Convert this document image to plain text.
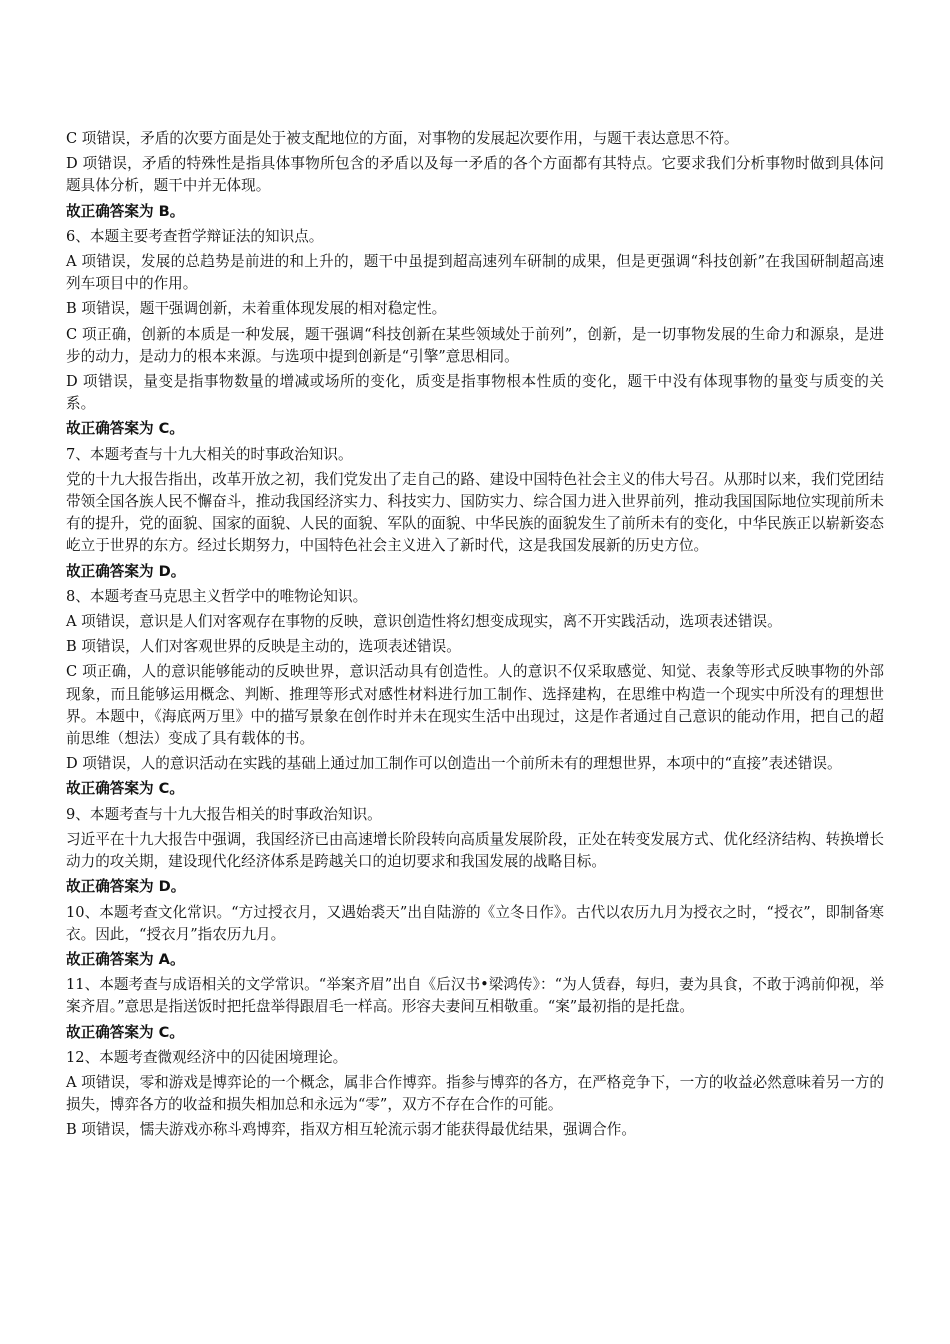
C 项错误，矛盾的次要方面是处于被支配地位的方面，对事物的发展起次要作用，与题干表达意思不符。

D 项错误，矛盾的特殊性是指具体事物所包含的矛盾以及每一矛盾的各个方面都有其特点。它要求我们分析事物时做到具体问题具体分析，题干中并无体现。

故正确答案为 B。

6、本题主要考查哲学辩证法的知识点。

A 项错误，发展的总趋势是前进的和上升的，题干中虽提到超高速列车研制的成果，但是更强调“科技创新”在我国研制超高速列车项目中的作用。

B 项错误，题干强调创新，未着重体现发展的相对稳定性。

C 项正确，创新的本质是一种发展，题干强调“科技创新在某些领域处于前列”，创新，是一切事物发展的生命力和源泉，是进步的动力，是动力的根本来源。与选项中提到创新是“引擎”意思相同。

D 项错误，量变是指事物数量的增减或场所的变化，质变是指事物根本性质的变化，题干中没有体现事物的量变与质变的关系。

故正确答案为 C。

7、本题考查与十九大相关的时事政治知识。

党的十九大报告指出，改革开放之初，我们党发出了走自己的路、建设中国特色社会主义的伟大号召。从那时以来，我们党团结带领全国各族人民不懈奋斗，推动我国经济实力、科技实力、国防实力、综合国力进入世界前列，推动我国国际地位实现前所未有的提升，党的面貌、国家的面貌、人民的面貌、军队的面貌、中华民族的面貌发生了前所未有的变化，中华民族正以崭新姿态屹立于世界的东方。经过长期努力，中国特色社会主义进入了新时代，这是我国发展新的历史方位。

故正确答案为 D。

8、本题考查马克思主义哲学中的唯物论知识。

A 项错误，意识是人们对客观存在事物的反映，意识创造性将幻想变成现实，离不开实践活动，选项表述错误。

B 项错误，人们对客观世界的反映是主动的，选项表述错误。

C 项正确，人的意识能够能动的反映世界，意识活动具有创造性。人的意识不仅采取感觉、知觉、表象等形式反映事物的外部现象，而且能够运用概念、判断、推理等形式对感性材料进行加工制作、选择建构，在思维中构造一个现实中所没有的理想世界。本题中，《海底两万里》中的描写景象在创作时并未在现实生活中出现过，这是作者通过自己意识的能动作用，把自己的超前思维（想法）变成了具有载体的书。

D 项错误，人的意识活动在实践的基础上通过加工制作可以创造出一个前所未有的理想世界，本项中的“直接”表述错误。

故正确答案为 C。

9、本题考查与十九大报告相关的时事政治知识。

习近平在十九大报告中强调，我国经济已由高速增长阶段转向高质量发展阶段，正处在转变发展方式、优化经济结构、转换增长动力的攻关期，建设现代化经济体系是跨越关口的迫切要求和我国发展的战略目标。

故正确答案为 D。

10、本题考查文化常识。“方过授衣月，又遇始裘天”出自陆游的《立冬日作》。古代以农历九月为授衣之时，“授衣”，即制备寒衣。因此，“授衣月”指农历九月。

故正确答案为 A。

11、本题考查与成语相关的文学常识。“举案齐眉”出自《后汉书•梁鸿传》：“为人赁舂，每归，妻为具食，不敢于鸿前仰视，举案齐眉。”意思是指送饭时把托盘举得跟眉毛一样高。形容夫妻间互相敬重。“案”最初指的是托盘。

故正确答案为 C。

12、本题考查微观经济中的囚徒困境理论。

A 项错误，零和游戏是博弈论的一个概念，属非合作博弈。指参与博弈的各方，在严格竞争下，一方的收益必然意味着另一方的损失，博弈各方的收益和损失相加总和永远为“零”，双方不存在合作的可能。

B 项错误，懦夫游戏亦称斗鸡博弈，指双方相互轮流示弱才能获得最优结果，强调合作。
